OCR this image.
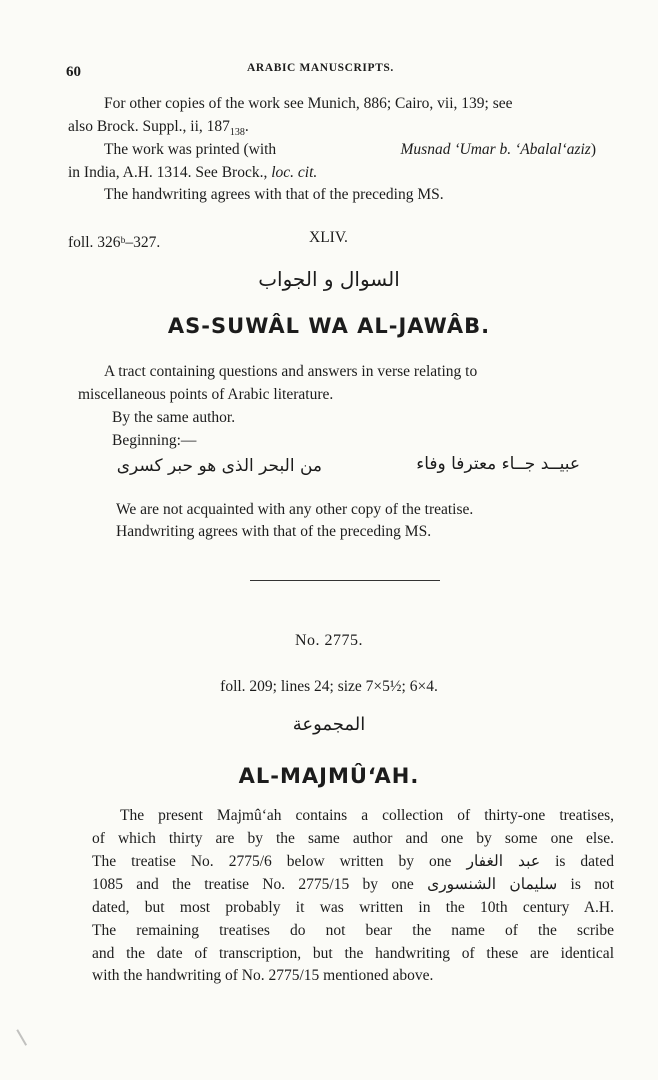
60	ARABIC MANUSCRIPTS.
For other copies of the work see Munich, 886; Cairo, vii, 139; see
also Brock. Suppl., ii, $187_{138}$.
The work was printed (with	Musnad ‘Umar b. ‘Abalal‘aziz )
in India, A.H. 1314. See Brock., loc. cit.
The handwriting agrees with that of the preceding MS.
foll. 326ᵇ–327.	XLIV.
السوال و الجواب
AS-SUWÂL WA AL-JAWÂB.
A tract containing questions and answers in verse relating to
miscellaneous points of Arabic literature.
By the same author.
Beginning:—
عبيــد جــاء معترفا وفاء
من البحر الذى هو حبر كسرى
We are not acquainted with any other copy of the treatise.
Handwriting agrees with that of the preceding MS.
No. 2775.
foll. 209; lines 24; size 7×5½; 6×4.
المجموعة
AL-MAJMÛ‘AH.
The present Majmû‘ah contains a collection of thirty-one treatises,
of which thirty are by the same author and one by some one else.
The treatise No. 2775/6 below written by one عبد الغفار is dated
1085 and the treatise No. 2775/15 by one سليمان الشنسورى is not
dated, but most probably it was written in the 10th century A.H.
The remaining treatises do not bear the name of the scribe
and the date of transcription, but the handwriting of these are identical
with the handwriting of No. 2775/15 mentioned above.
